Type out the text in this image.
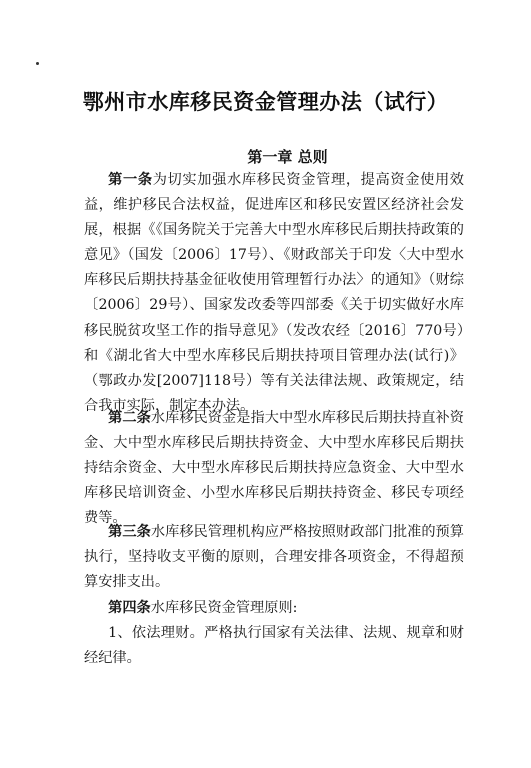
鄂州市水库移民资金管理办法（试行）
第一章 总则

第一条为切实加强水库移民资金管理，提高资金使用效益，维护移民合法权益，促进库区和移民安置区经济社会发展，根据《《国务院关于完善大中型水库移民后期扶持政策的意见》（国发〔2006〕17号）、《财政部关于印发〈大中型水库移民后期扶持基金征收使用管理暂行办法〉的通知》（财综〔2006〕29号）、国家发改委等四部委《关于切实做好水库移民脱贫攻坚工作的指导意见》（发改农经〔2016〕770号）和《湖北省大中型水库移民后期扶持项目管理办法(试行)》（鄂政办发[2007]118号）等有关法律法规、政策规定，结合我市实际，制定本办法。

第二条水库移民资金是指大中型水库移民后期扶持直补资金、大中型水库移民后期扶持资金、大中型水库移民后期扶持结余资金、大中型水库移民后期扶持应急资金、大中型水库移民培训资金、小型水库移民后期扶持资金、移民专项经费等。

第三条水库移民管理机构应严格按照财政部门批准的预算执行，坚持收支平衡的原则，合理安排各项资金，不得超预算安排支出。

第四条水库移民资金管理原则:

1、依法理财。严格执行国家有关法律、法规、规章和财经纪律。
